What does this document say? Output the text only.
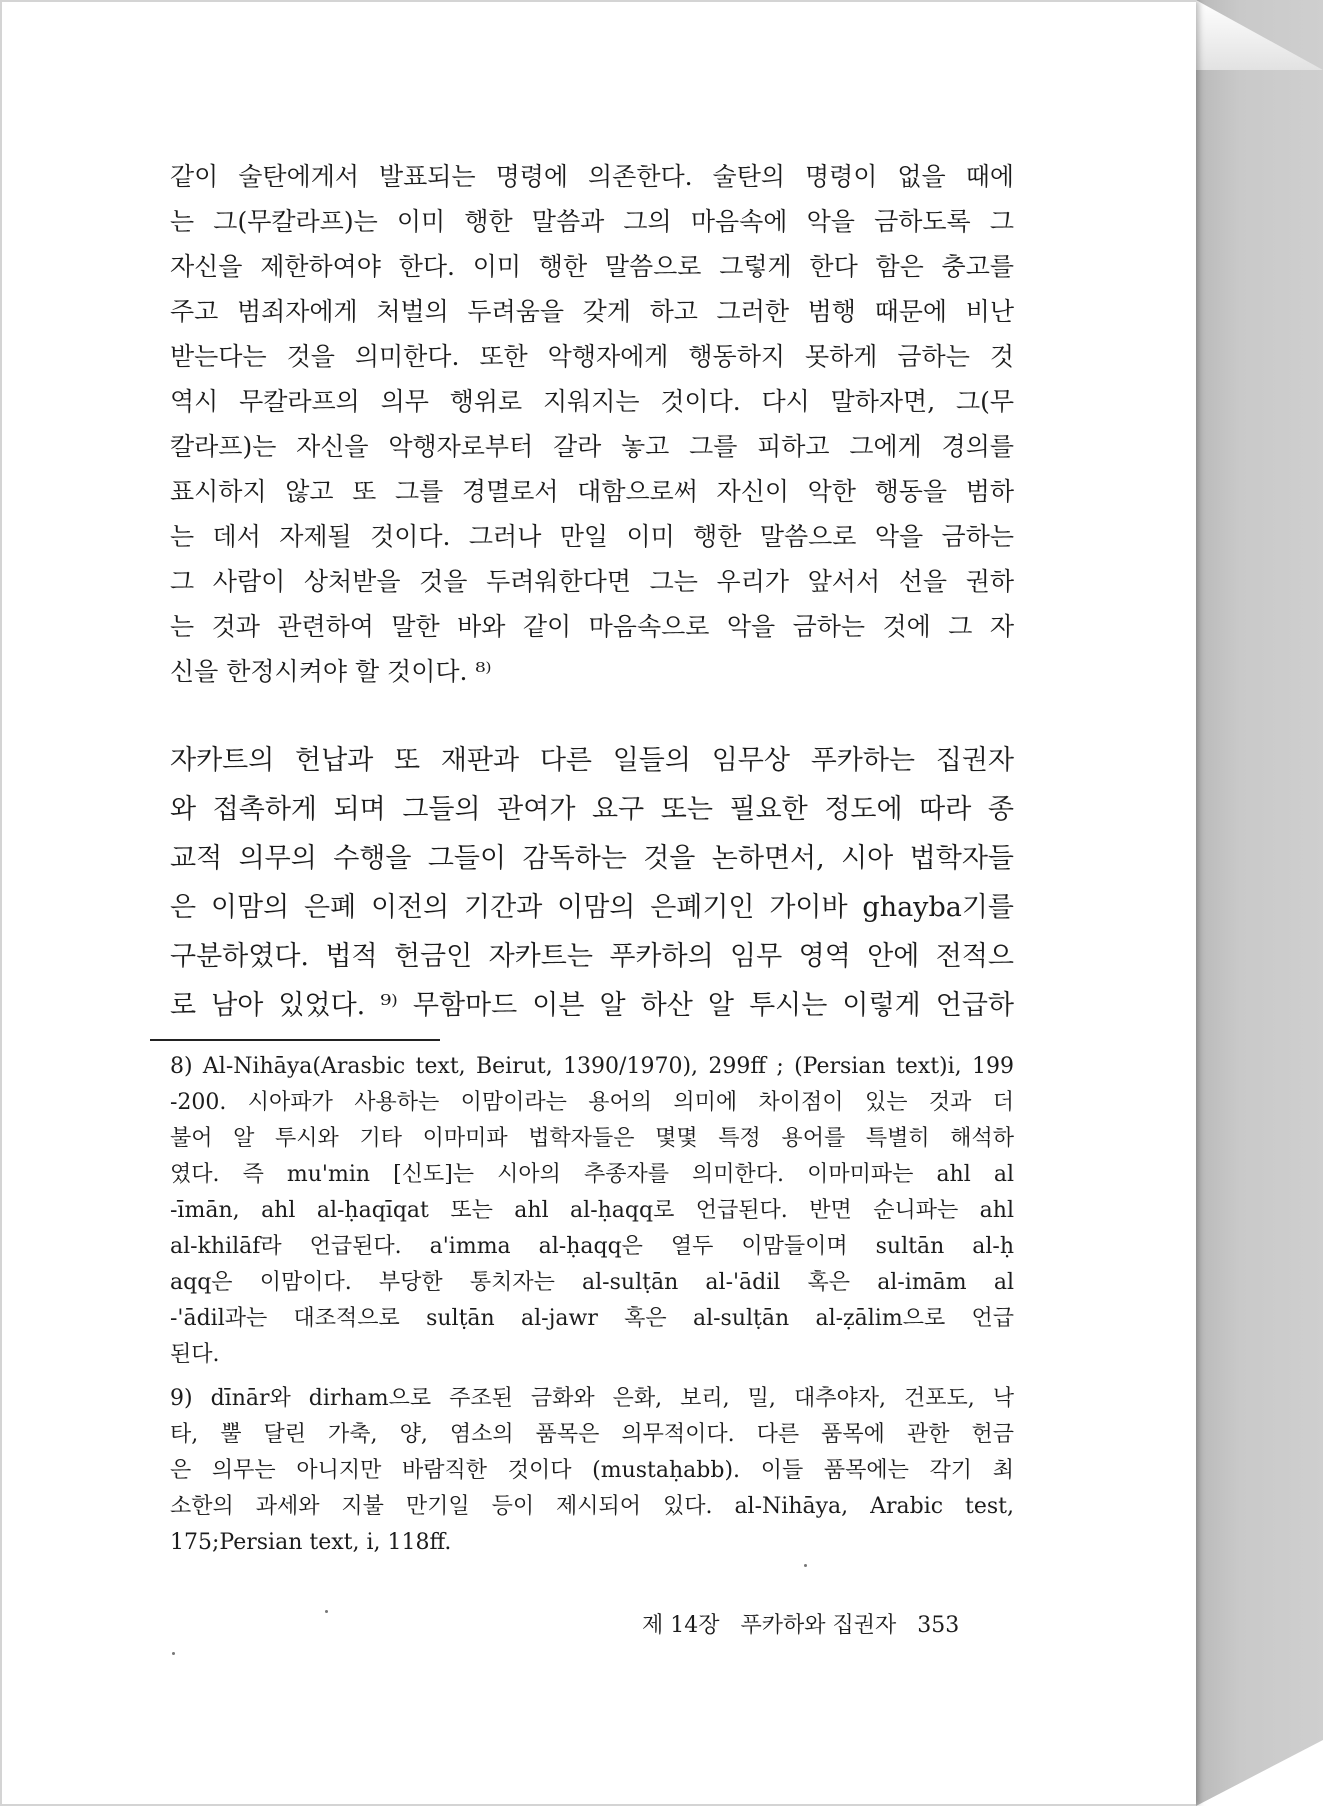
같이 술탄에게서 발표되는 명령에 의존한다. 술탄의 명령이 없을 때에

는 그(무칼라프)는 이미 행한 말씀과 그의 마음속에 악을 금하도록 그

자신을 제한하여야 한다. 이미 행한 말씀으로 그렇게 한다 함은 충고를

주고 범죄자에게 처벌의 두려움을 갖게 하고 그러한 범행 때문에 비난

받는다는 것을 의미한다. 또한 악행자에게 행동하지 못하게 금하는 것

역시 무칼라프의 의무 행위로 지워지는 것이다. 다시 말하자면, 그(무

칼라프)는 자신을 악행자로부터 갈라 놓고 그를 피하고 그에게 경의를

표시하지 않고 또 그를 경멸로서 대함으로써 자신이 악한 행동을 범하

는 데서 자제될 것이다. 그러나 만일 이미 행한 말씀으로 악을 금하는

그 사람이 상처받을 것을 두려워한다면 그는 우리가 앞서서 선을 권하

는 것과 관련하여 말한 바와 같이 마음속으로 악을 금하는 것에 그 자

신을 한정시켜야 할 것이다. ⁸⁾

자카트의 헌납과 또 재판과 다른 일들의 임무상 푸카하는 집권자

와 접촉하게 되며 그들의 관여가 요구 또는 필요한 정도에 따라 종

교적 의무의 수행을 그들이 감독하는 것을 논하면서, 시아 법학자들

은 이맘의 은폐 이전의 기간과 이맘의 은폐기인 가이바 ghayba기를

구분하였다. 법적 헌금인 자카트는 푸카하의 임무 영역 안에 전적으

로 남아 있었다. ⁹⁾ 무함마드 이븐 알 하산 알 투시는 이렇게 언급하

8) Al-Nihāya(Arasbic text, Beirut, 1390/1970), 299ff ; (Persian text)i, 199
-200. 시아파가 사용하는 이맘이라는 용어의 의미에 차이점이 있는 것과 더
불어 알 투시와 기타 이마미파 법학자들은 몇몇 특정 용어를 특별히 해석하
였다. 즉 mu'min [신도]는 시아의 추종자를 의미한다. 이마미파는 ahl al
-īmān, ahl al-ḥaqīqat 또는 ahl al-ḥaqq로 언급된다. 반면 순니파는 ahl
al-khilāf라 언급된다. a'imma al-ḥaqq은 열두 이맘들이며 sultān al-ḥ
aqq은 이맘이다. 부당한 통치자는 al-sulṭān al-'ādil 혹은 al-imām al
-'ādil과는 대조적으로 sulṭān al-jawr 혹은 al-sulṭān al-ẓālim으로 언급
된다.
9) dīnār와 dirham으로 주조된 금화와 은화, 보리, 밀, 대추야자, 건포도, 낙
타, 뿔 달린 가축, 양, 염소의 품목은 의무적이다. 다른 품목에 관한 헌금
은 의무는 아니지만 바람직한 것이다 (mustaḥabb). 이들 품목에는 각기 최
소한의 과세와 지불 만기일 등이 제시되어 있다. al-Nihāya, Arabic test,
175;Persian text, i, 118ff.
제 14장 푸카하와 집권자 353
